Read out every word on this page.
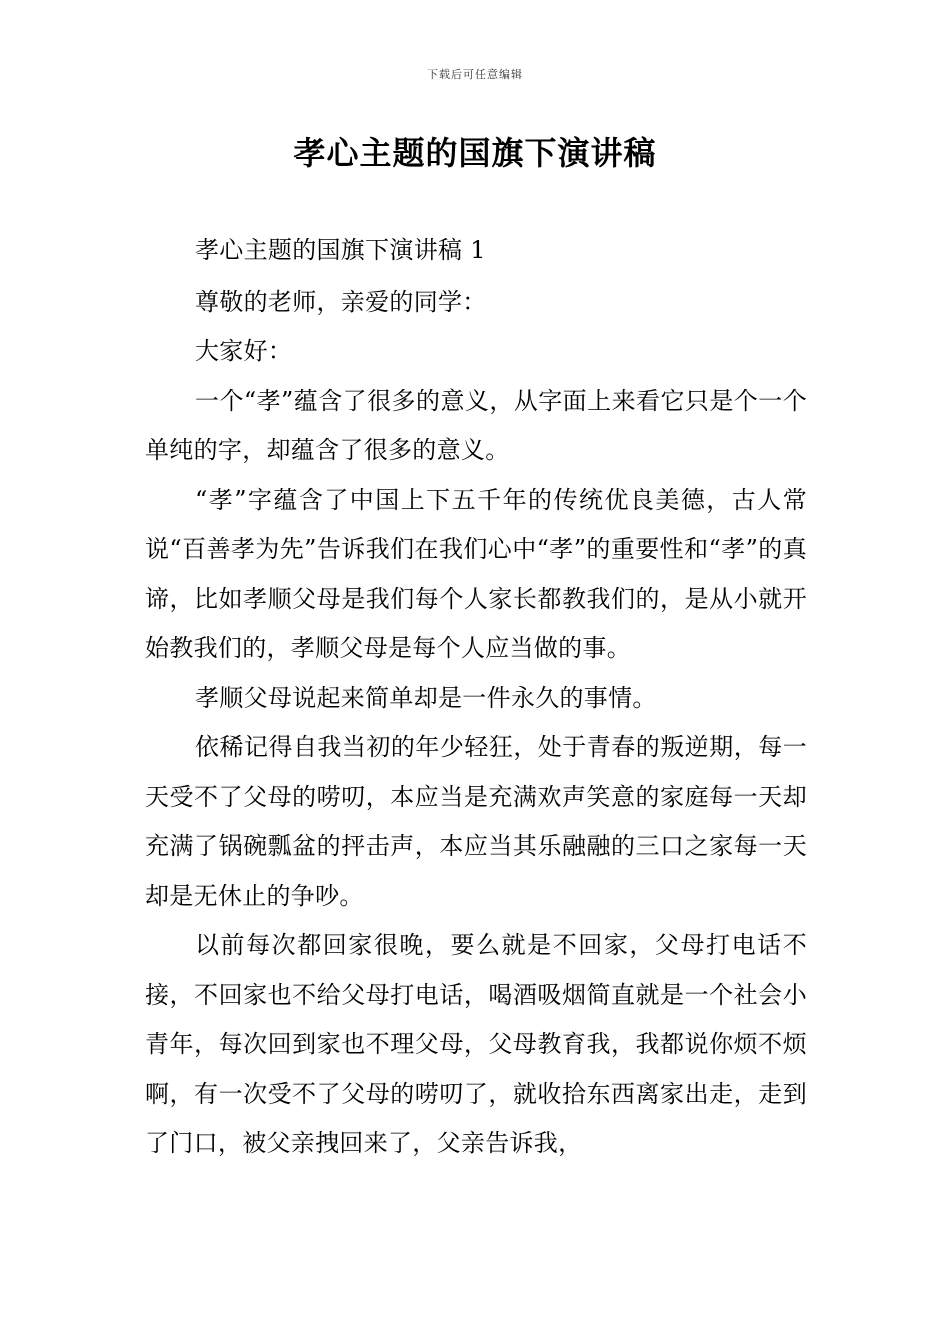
下载后可任意编辑
孝心主题的国旗下演讲稿

孝心主题的国旗下演讲稿 1

尊敬的老师，亲爱的同学：

大家好：

一个“孝”蕴含了很多的意义，从字面上来看它只是个一个单纯的字，却蕴含了很多的意义。

“孝”字蕴含了中国上下五千年的传统优良美德，古人常说“百善孝为先”告诉我们在我们心中“孝”的重要性和“孝”的真谛，比如孝顺父母是我们每个人家长都教我们的，是从小就开始教我们的，孝顺父母是每个人应当做的事。

孝顺父母说起来简单却是一件永久的事情。

依稀记得自我当初的年少轻狂，处于青春的叛逆期，每一天受不了父母的唠叨，本应当是充满欢声笑意的家庭每一天却充满了锅碗瓢盆的抨击声，本应当其乐融融的三口之家每一天却是无休止的争吵。

以前每次都回家很晚，要么就是不回家，父母打电话不接，不回家也不给父母打电话，喝酒吸烟简直就是一个社会小青年，每次回到家也不理父母，父母教育我，我都说你烦不烦啊，有一次受不了父母的唠叨了，就收拾东西离家出走，走到了门口，被父亲拽回来了，父亲告诉我，
